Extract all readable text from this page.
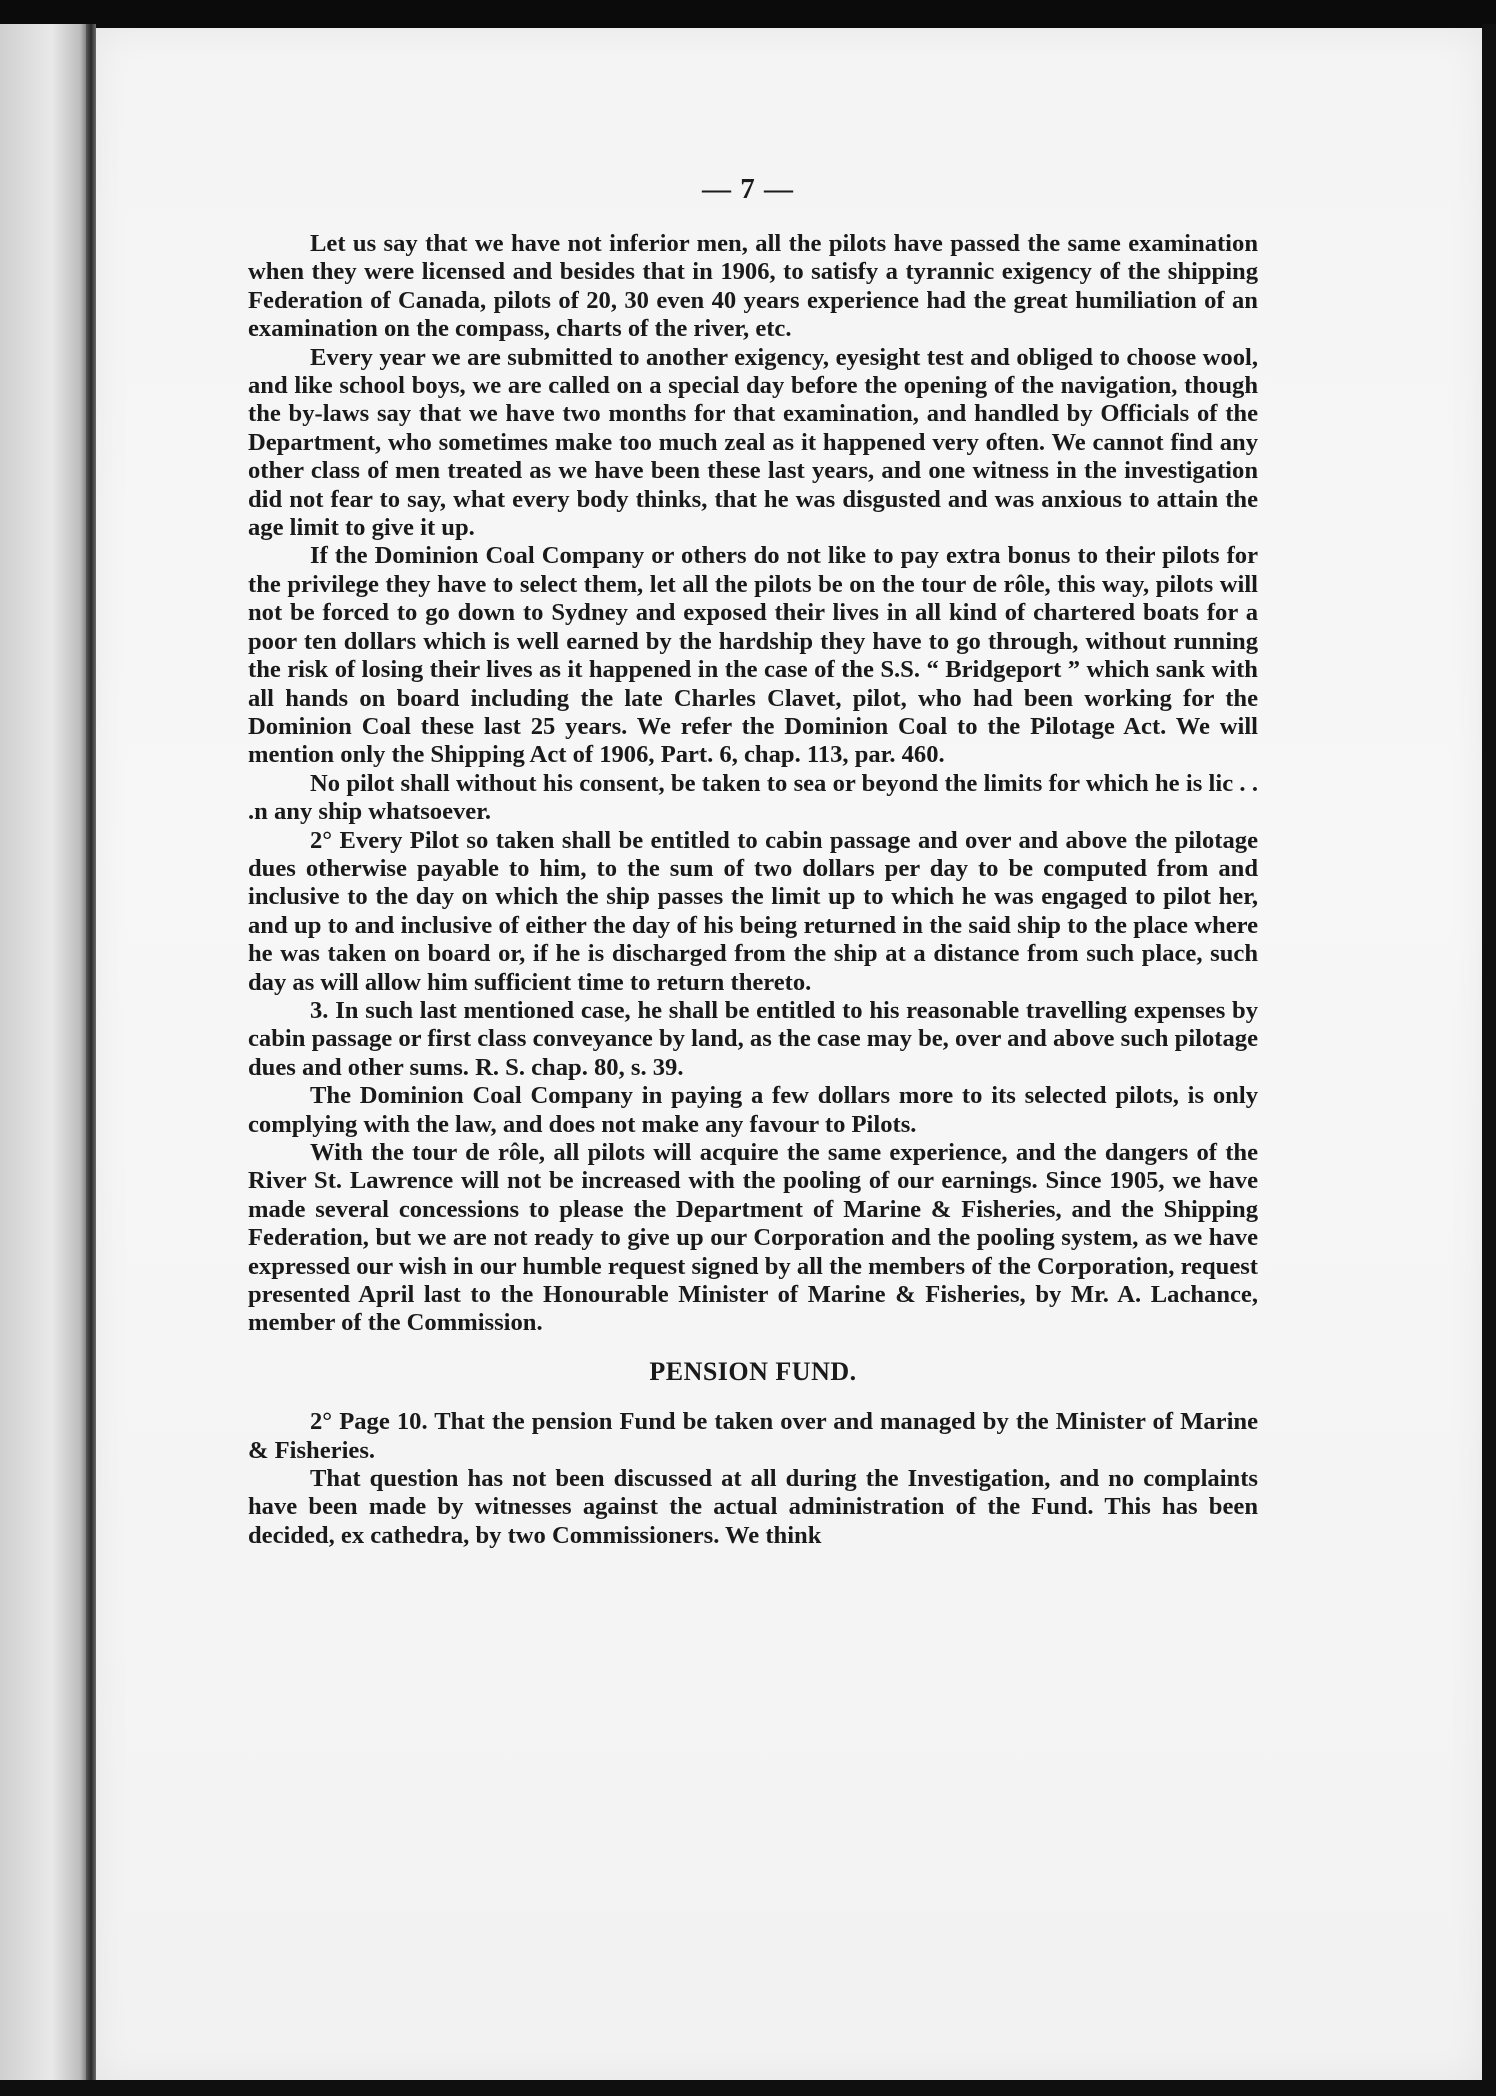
— 7 —

Let us say that we have not inferior men, all the pilots have passed the same examination when they were licensed and besides that in 1906, to satisfy a tyrannic exigency of the shipping Federation of Canada, pilots of 20, 30 even 40 years experience had the great humiliation of an examination on the compass, charts of the river, etc.

Every year we are submitted to another exigency, eyesight test and obliged to choose wool, and like school boys, we are called on a special day before the opening of the navigation, though the by-laws say that we have two months for that examination, and handled by Officials of the Department, who sometimes make too much zeal as it happened very often. We cannot find any other class of men treated as we have been these last years, and one witness in the investigation did not fear to say, what every body thinks, that he was disgusted and was anxious to attain the age limit to give it up.

If the Dominion Coal Company or others do not like to pay extra bonus to their pilots for the privilege they have to select them, let all the pilots be on the tour de rôle, this way, pilots will not be forced to go down to Sydney and exposed their lives in all kind of chartered boats for a poor ten dollars which is well earned by the hardship they have to go through, without running the risk of losing their lives as it happened in the case of the S.S. “ Bridgeport ” which sank with all hands on board including the late Charles Clavet, pilot, who had been working for the Dominion Coal these last 25 years. We refer the Dominion Coal to the Pilotage Act. We will mention only the Shipping Act of 1906, Part. 6, chap. 113, par. 460.

No pilot shall without his consent, be taken to sea or beyond the limits for which he is lic . . .n any ship whatsoever.

2° Every Pilot so taken shall be entitled to cabin passage and over and above the pilotage dues otherwise payable to him, to the sum of two dollars per day to be computed from and inclusive to the day on which the ship passes the limit up to which he was engaged to pilot her, and up to and inclusive of either the day of his being returned in the said ship to the place where he was taken on board or, if he is discharged from the ship at a distance from such place, such day as will allow him sufficient time to return thereto.

3. In such last mentioned case, he shall be entitled to his reasonable travelling expenses by cabin passage or first class conveyance by land, as the case may be, over and above such pilotage dues and other sums. R. S. chap. 80, s. 39.

The Dominion Coal Company in paying a few dollars more to its selected pilots, is only complying with the law, and does not make any favour to Pilots.

With the tour de rôle, all pilots will acquire the same experience, and the dangers of the River St. Lawrence will not be increased with the pooling of our earnings. Since 1905, we have made several concessions to please the Department of Marine & Fisheries, and the Shipping Federation, but we are not ready to give up our Corporation and the pooling system, as we have expressed our wish in our humble request signed by all the members of the Corporation, request presented April last to the Honourable Minister of Marine & Fisheries, by Mr. A. Lachance, member of the Commission.

PENSION FUND.

2° Page 10. That the pension Fund be taken over and managed by the Minister of Marine & Fisheries.

That question has not been discussed at all during the Investigation, and no complaints have been made by witnesses against the actual administration of the Fund. This has been decided, ex cathedra, by two Commissioners. We think
